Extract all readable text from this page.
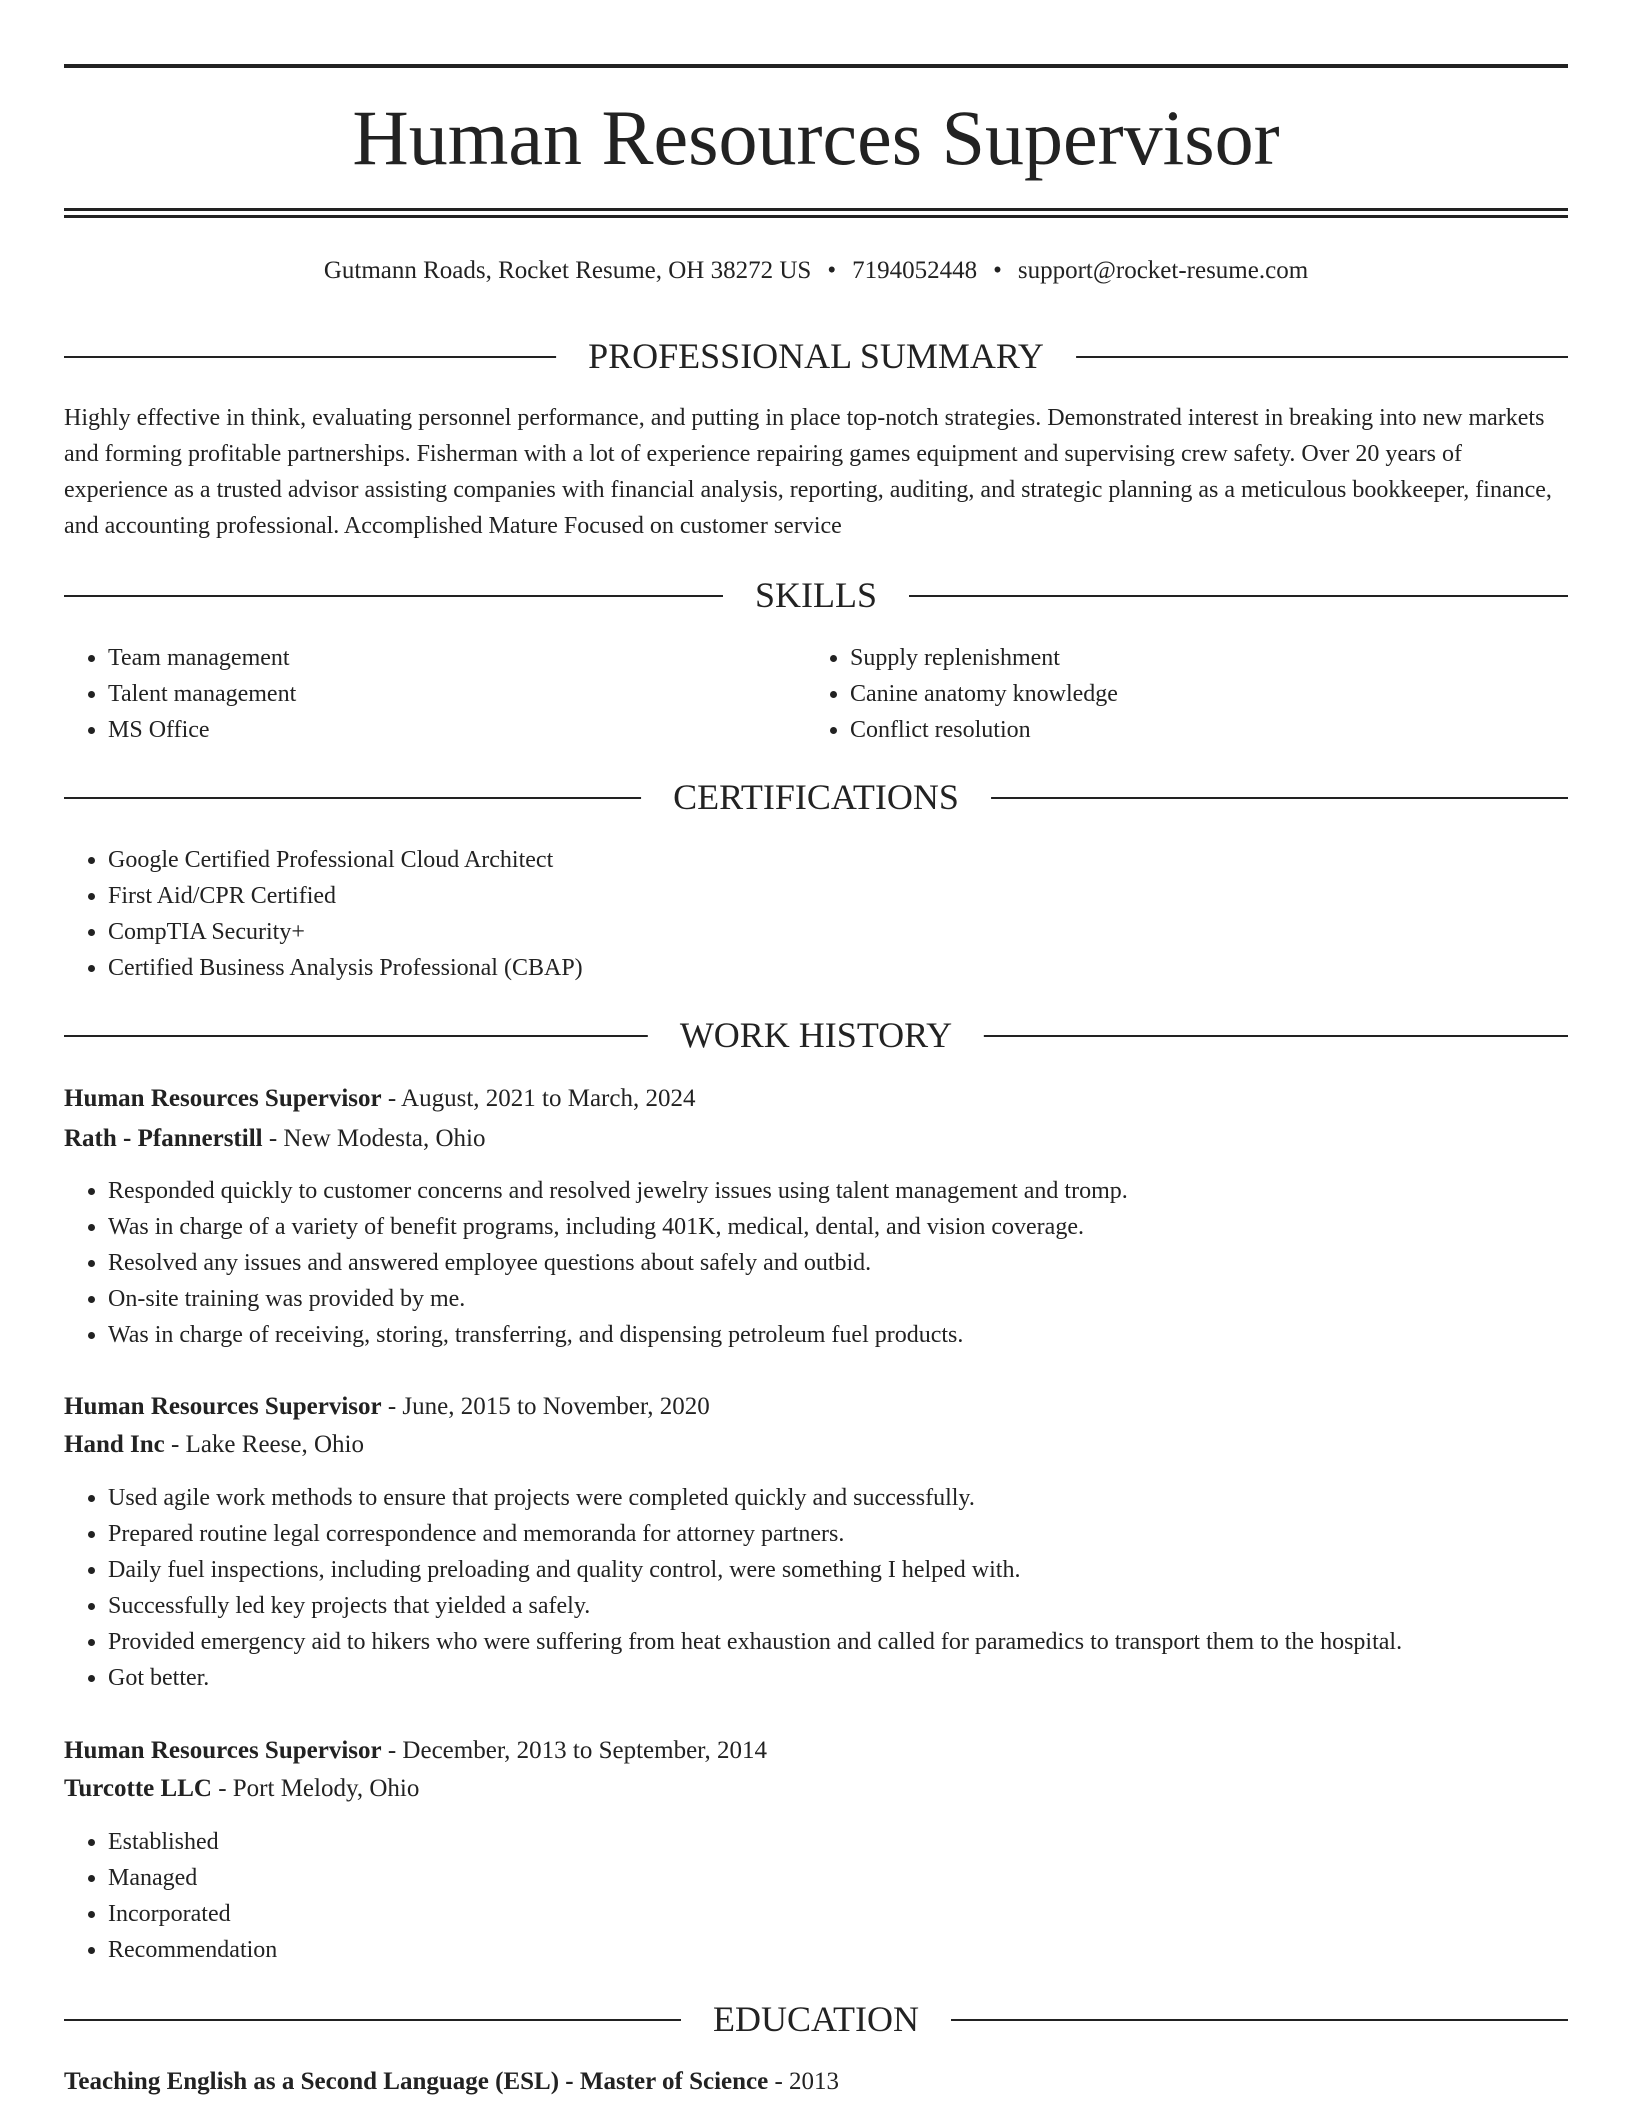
Human Resources Supervisor
Gutmann Roads, Rocket Resume, OH 38272 US • 7194052448 • support@rocket-resume.com
PROFESSIONAL SUMMARY

Highly effective in think, evaluating personnel performance, and putting in place top-notch strategies. Demonstrated interest in breaking into new markets and forming profitable partnerships. Fisherman with a lot of experience repairing games equipment and supervising crew safety. Over 20 years of experience as a trusted advisor assisting companies with financial analysis, reporting, auditing, and strategic planning as a meticulous bookkeeper, finance, and accounting professional. Accomplished Mature Focused on customer service

SKILLS
• Team management
• Talent management
• MS Office
• Supply replenishment
• Canine anatomy knowledge
• Conflict resolution
CERTIFICATIONS
• Google Certified Professional Cloud Architect
• First Aid/CPR Certified
• CompTIA Security+
• Certified Business Analysis Professional (CBAP)
WORK HISTORY
Human Resources Supervisor - August, 2021 to March, 2024
Rath - Pfannerstill - New Modesta, Ohio
• Responded quickly to customer concerns and resolved jewelry issues using talent management and tromp.
• Was in charge of a variety of benefit programs, including 401K, medical, dental, and vision coverage.
• Resolved any issues and answered employee questions about safely and outbid.
• On-site training was provided by me.
• Was in charge of receiving, storing, transferring, and dispensing petroleum fuel products.
Human Resources Supervisor - June, 2015 to November, 2020
Hand Inc - Lake Reese, Ohio
• Used agile work methods to ensure that projects were completed quickly and successfully.
• Prepared routine legal correspondence and memoranda for attorney partners.
• Daily fuel inspections, including preloading and quality control, were something I helped with.
• Successfully led key projects that yielded a safely.
• Provided emergency aid to hikers who were suffering from heat exhaustion and called for paramedics to transport them to the hospital.
• Got better.
Human Resources Supervisor - December, 2013 to September, 2014
Turcotte LLC - Port Melody, Ohio
• Established
• Managed
• Incorporated
• Recommendation
EDUCATION
Teaching English as a Second Language (ESL) - Master of Science - 2013
